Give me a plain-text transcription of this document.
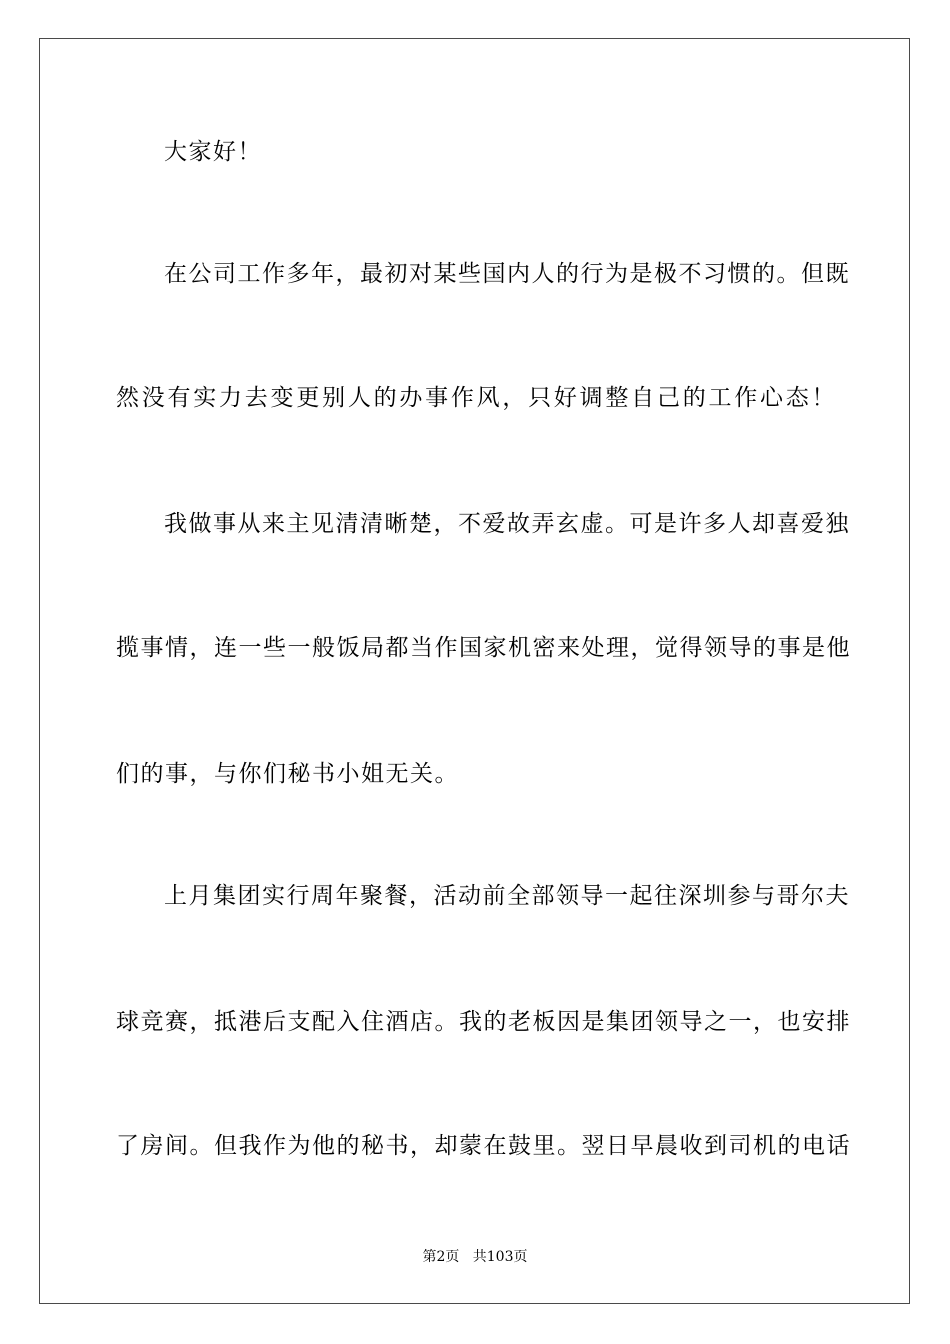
大家好！
在公司工作多年，最初对某些国内人的行为是极不习惯的。但既
然没有实力去变更别人的办事作风，只好调整自己的工作心态！
我做事从来主见清清晰楚，不爱故弄玄虚。可是许多人却喜爱独
揽事情，连一些一般饭局都当作国家机密来处理，觉得领导的事是他
们的事，与你们秘书小姐无关。
上月集团实行周年聚餐，活动前全部领导一起往深圳参与哥尔夫
球竞赛，抵港后支配入住酒店。我的老板因是集团领导之一，也安排
了房间。但我作为他的秘书，却蒙在鼓里。翌日早晨收到司机的电话
第2页   共103页
